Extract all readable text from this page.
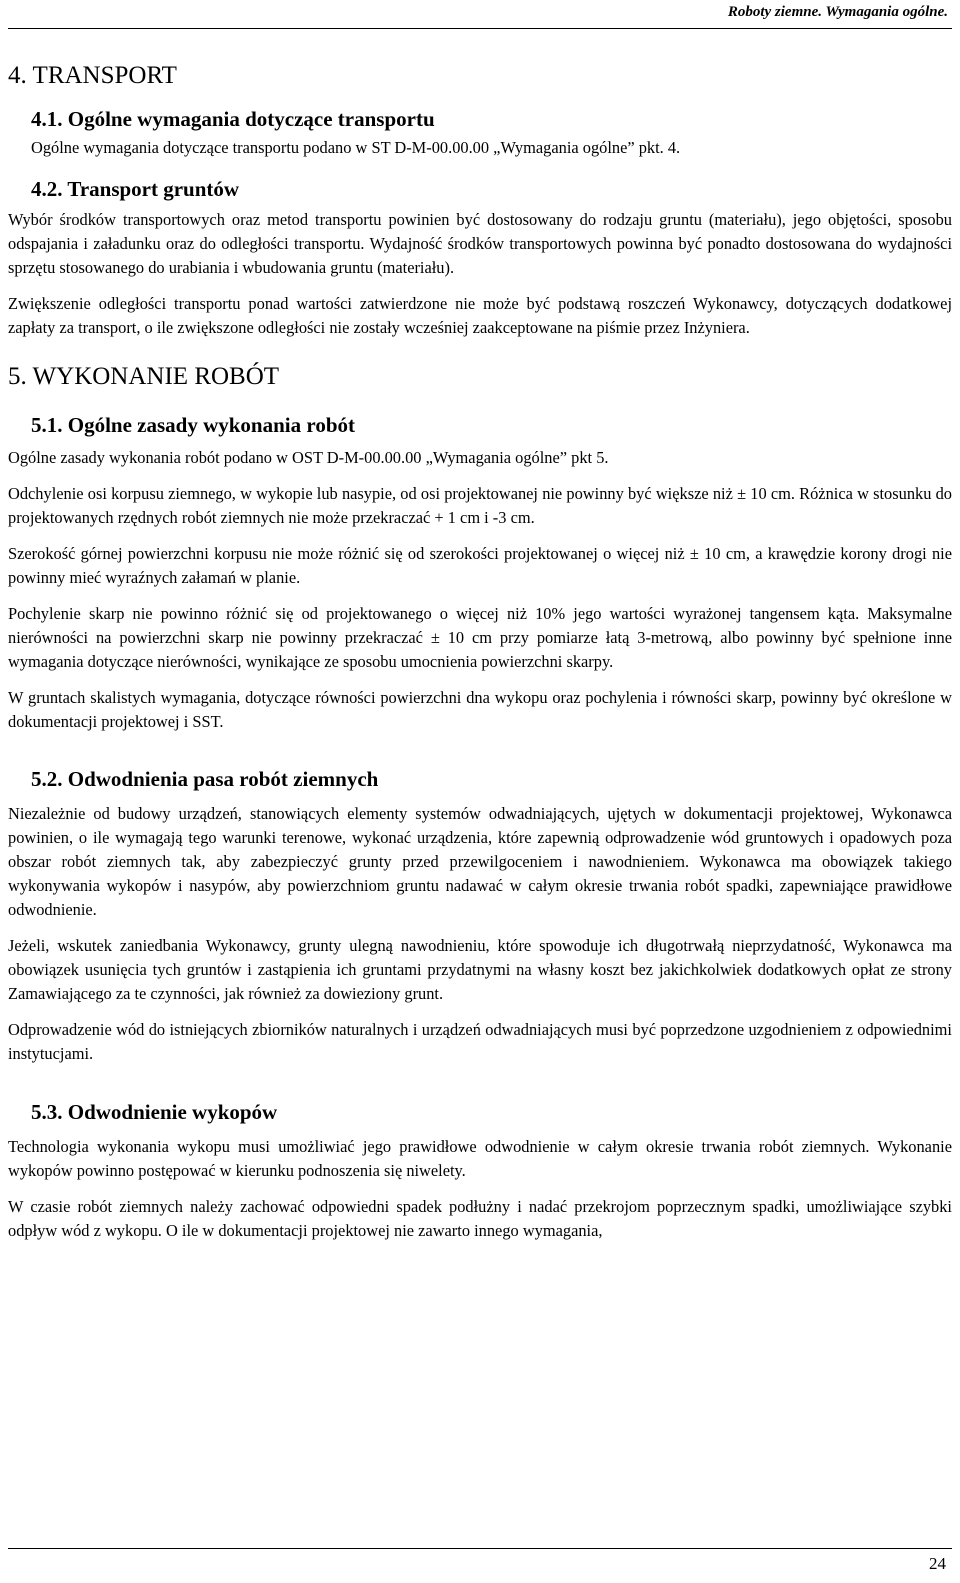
Roboty ziemne. Wymagania ogólne.
4. TRANSPORT
4.1. Ogólne wymagania dotyczące transportu

Ogólne wymagania dotyczące transportu podano w ST D-M-00.00.00 „Wymagania ogólne” pkt. 4.

4.2. Transport gruntów

Wybór środków transportowych oraz metod transportu powinien być dostosowany do rodzaju gruntu (materiału), jego objętości, sposobu odspajania i załadunku oraz do odległości transportu. Wydajność środków transportowych powinna być ponadto dostosowana do wydajności sprzętu stosowanego do urabiania i wbudowania gruntu (materiału).

Zwiększenie odległości transportu ponad wartości zatwierdzone nie może być podstawą roszczeń Wykonawcy, dotyczących dodatkowej zapłaty za transport, o ile zwiększone odległości nie zostały wcześniej zaakceptowane na piśmie przez Inżyniera.

5. WYKONANIE ROBÓT
5.1. Ogólne zasady wykonania robót

Ogólne zasady wykonania robót podano w OST D-M-00.00.00 „Wymagania ogólne” pkt 5.

Odchylenie osi korpusu ziemnego, w wykopie lub nasypie, od osi projektowanej nie powinny być większe niż ± 10 cm. Różnica w stosunku do projektowanych rzędnych robót ziemnych nie może przekraczać + 1 cm i -3 cm.

Szerokość górnej powierzchni korpusu nie może różnić się od szerokości projektowanej o więcej niż ± 10 cm, a krawędzie korony drogi nie powinny mieć wyraźnych załamań w planie.

Pochylenie skarp nie powinno różnić się od projektowanego o więcej niż 10% jego wartości wyrażonej tangensem kąta. Maksymalne nierówności na powierzchni skarp nie powinny przekraczać ± 10 cm przy pomiarze łatą 3-metrową, albo powinny być spełnione inne wymagania dotyczące nierówności, wynikające ze sposobu umocnienia powierzchni skarpy.

W gruntach skalistych wymagania, dotyczące równości powierzchni dna wykopu oraz pochylenia i równości skarp, powinny być określone w dokumentacji projektowej i SST.

5.2. Odwodnienia pasa robót ziemnych

Niezależnie od budowy urządzeń, stanowiących elementy systemów odwadniających, ujętych w dokumentacji projektowej, Wykonawca powinien, o ile wymagają tego warunki terenowe, wykonać urządzenia, które zapewnią odprowadzenie wód gruntowych i opadowych poza obszar robót ziemnych tak, aby zabezpieczyć grunty przed przewilgoceniem i nawodnieniem. Wykonawca ma obowiązek takiego wykonywania wykopów i nasypów, aby powierzchniom gruntu nadawać w całym okresie trwania robót spadki, zapewniające prawidłowe odwodnienie.

Jeżeli, wskutek zaniedbania Wykonawcy, grunty ulegną nawodnieniu, które spowoduje ich długotrwałą nieprzydatność, Wykonawca ma obowiązek usunięcia tych gruntów i zastąpienia ich gruntami przydatnymi na własny koszt bez jakichkolwiek dodatkowych opłat ze strony Zamawiającego za te czynności, jak również za dowieziony grunt.

Odprowadzenie wód do istniejących zbiorników naturalnych i urządzeń odwadniających musi być poprzedzone uzgodnieniem z odpowiednimi instytucjami.

5.3. Odwodnienie wykopów

Technologia wykonania wykopu musi umożliwiać jego prawidłowe odwodnienie w całym okresie trwania robót ziemnych. Wykonanie wykopów powinno postępować w kierunku podnoszenia się niwelety.

W czasie robót ziemnych należy zachować odpowiedni spadek podłużny i nadać przekrojom poprzecznym spadki, umożliwiające szybki odpływ wód z wykopu. O ile w dokumentacji projektowej nie zawarto innego wymagania,

24
